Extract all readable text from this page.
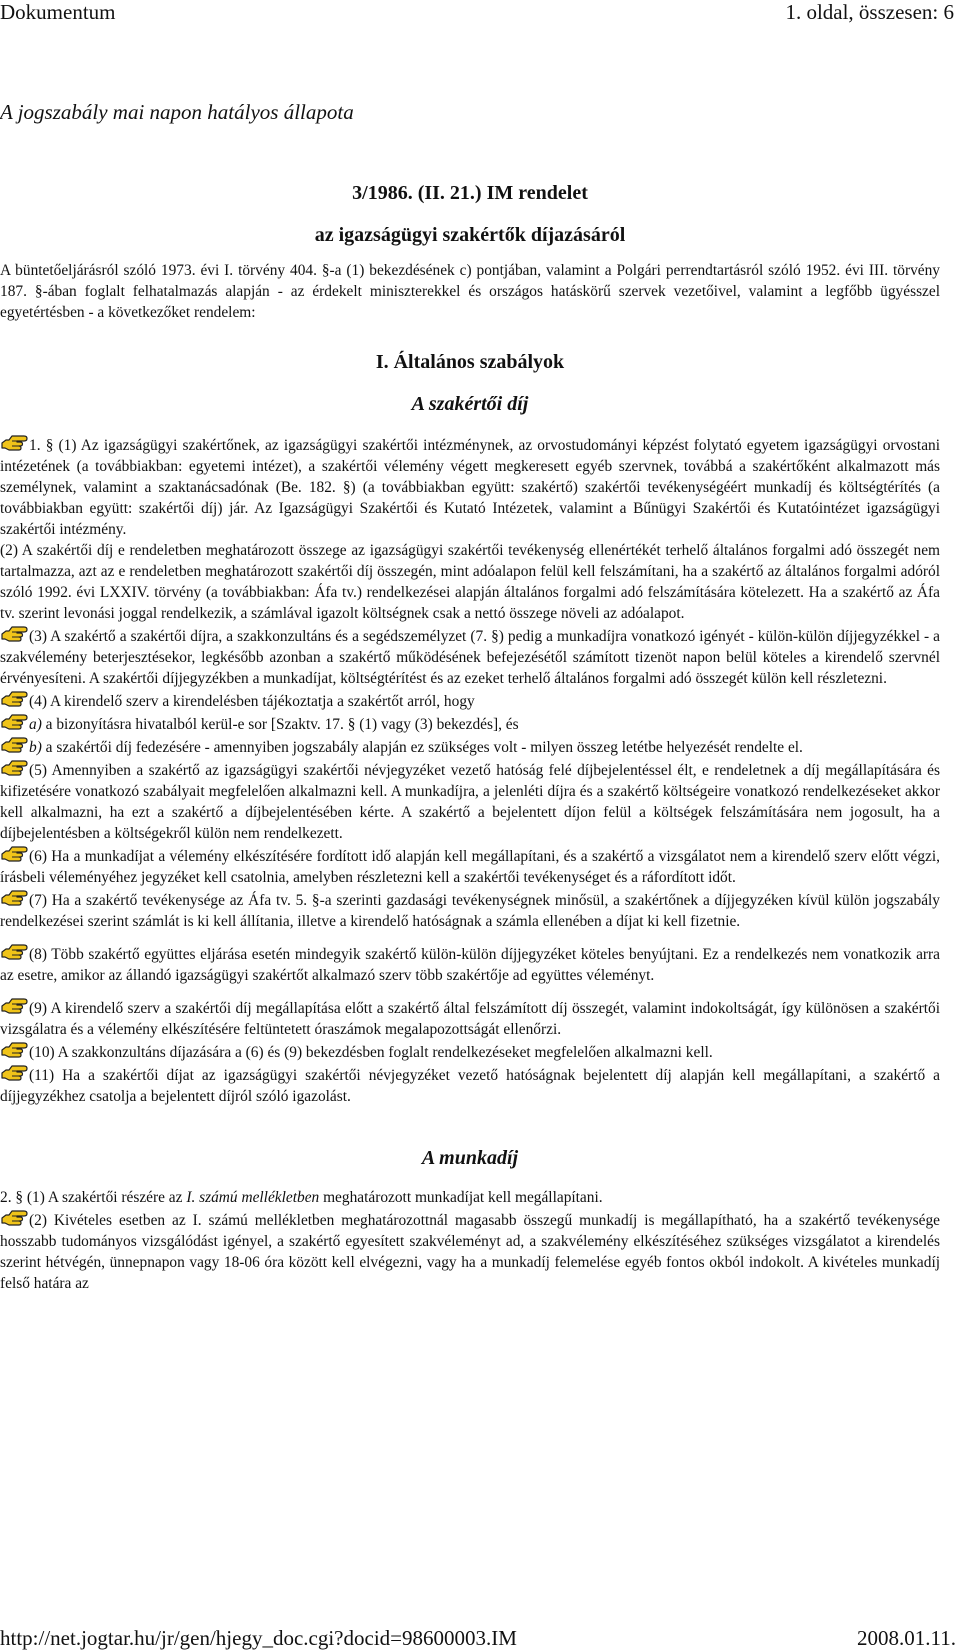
Dokumentum	1. oldal, összesen: 6
A jogszabály mai napon hatályos állapota
3/1986. (II. 21.) IM rendelet
az igazságügyi szakértők díjazásáról

A büntetőeljárásról szóló 1973. évi I. törvény 404. §-a (1) bekezdésének c) pontjában, valamint a Polgári perrendtartásról szóló 1952. évi III. törvény 187. §-ában foglalt felhatalmazás alapján - az érdekelt miniszterekkel és országos hatáskörű szervek vezetőivel, valamint a legfőbb ügyésszel egyetértésben - a következőket rendelem:

I. Általános szabályok
A szakértői díj

1. § (1) Az igazságügyi szakértőnek, az igazságügyi szakértői intézménynek, az orvostudományi képzést folytató egyetem igazságügyi orvostani intézetének (a továbbiakban: egyetemi intézet), a szakértői vélemény végett megkeresett egyéb szervnek, továbbá a szakértőként alkalmazott más személynek, valamint a szaktanácsadónak (Be. 182. §) (a továbbiakban együtt: szakértő) szakértői tevékenységéért munkadíj és költségtérítés (a továbbiakban együtt: szakértői díj) jár. Az Igazságügyi Szakértői és Kutató Intézetek, valamint a Bűnügyi Szakértői és Kutatóintézet igazságügyi szakértői intézmény.

(2) A szakértői díj e rendeletben meghatározott összege az igazságügyi szakértői tevékenység ellenértékét terhelő általános forgalmi adó összegét nem tartalmazza, azt az e rendeletben meghatározott szakértői díj összegén, mint adóalapon felül kell felszámítani, ha a szakértő az általános forgalmi adóról szóló 1992. évi LXXIV. törvény (a továbbiakban: Áfa tv.) rendelkezései alapján általános forgalmi adó felszámítására kötelezett. Ha a szakértő az Áfa tv. szerint levonási joggal rendelkezik, a számlával igazolt költségnek csak a nettó összege növeli az adóalapot.

(3) A szakértő a szakértői díjra, a szakkonzultáns és a segédszemélyzet (7. §) pedig a munkadíjra vonatkozó igényét - külön-külön díjjegyzékkel - a szakvélemény beterjesztésekor, legkésőbb azonban a szakértő működésének befejezésétől számított tizenöt napon belül köteles a kirendelő szervnél érvényesíteni. A szakértői díjjegyzékben a munkadíjat, költségtérítést és az ezeket terhelő általános forgalmi adó összegét külön kell részletezni.

(4) A kirendelő szerv a kirendelésben tájékoztatja a szakértőt arról, hogy

a) a bizonyításra hivatalból kerül-e sor [Szaktv. 17. § (1) vagy (3) bekezdés], és

b) a szakértői díj fedezésére - amennyiben jogszabály alapján ez szükséges volt - milyen összeg letétbe helyezését rendelte el.

(5) Amennyiben a szakértő az igazságügyi szakértői névjegyzéket vezető hatóság felé díjbejelentéssel élt, e rendeletnek a díj megállapítására és kifizetésére vonatkozó szabályait megfelelően alkalmazni kell. A munkadíjra, a jelenléti díjra és a szakértő költségeire vonatkozó rendelkezéseket akkor kell alkalmazni, ha ezt a szakértő a díjbejelentésében kérte. A szakértő a bejelentett díjon felül a költségek felszámítására nem jogosult, ha a díjbejelentésben a költségekről külön nem rendelkezett.

(6) Ha a munkadíjat a vélemény elkészítésére fordított idő alapján kell megállapítani, és a szakértő a vizsgálatot nem a kirendelő szerv előtt végzi, írásbeli véleményéhez jegyzéket kell csatolnia, amelyben részletezni kell a szakértői tevékenységet és a ráfordított időt.

(7) Ha a szakértő tevékenysége az Áfa tv. 5. §-a szerinti gazdasági tevékenységnek minősül, a szakértőnek a díjjegyzéken kívül külön jogszabály rendelkezései szerint számlát is ki kell állítania, illetve a kirendelő hatóságnak a számla ellenében a díjat ki kell fizetnie.

(8) Több szakértő együttes eljárása esetén mindegyik szakértő külön-külön díjjegyzéket köteles benyújtani. Ez a rendelkezés nem vonatkozik arra az esetre, amikor az állandó igazságügyi szakértőt alkalmazó szerv több szakértője ad együttes véleményt.

(9) A kirendelő szerv a szakértői díj megállapítása előtt a szakértő által felszámított díj összegét, valamint indokoltságát, így különösen a szakértői vizsgálatra és a vélemény elkészítésére feltüntetett óraszámok megalapozottságát ellenőrzi.

(10) A szakkonzultáns díjazására a (6) és (9) bekezdésben foglalt rendelkezéseket megfelelően alkalmazni kell.

(11) Ha a szakértői díjat az igazságügyi szakértői névjegyzéket vezető hatóságnak bejelentett díj alapján kell megállapítani, a szakértő a díjjegyzékhez csatolja a bejelentett díjról szóló igazolást.

A munkadíj

2. § (1) A szakértői részére az I. számú mellékletben meghatározott munkadíjat kell megállapítani.

(2) Kivételes esetben az I. számú mellékletben meghatározottnál magasabb összegű munkadíj is megállapítható, ha a szakértő tevékenysége hosszabb tudományos vizsgálódást igényel, a szakértő egyesített szakvéleményt ad, a szakvélemény elkészítéséhez szükséges vizsgálatot a kirendelés szerint hétvégén, ünnepnapon vagy 18-06 óra között kell elvégezni, vagy ha a munkadíj felemelése egyéb fontos okból indokolt. A kivételes munkadíj felső határa az

http://net.jogtar.hu/jr/gen/hjegy_doc.cgi?docid=98600003.IM	2008.01.11.
